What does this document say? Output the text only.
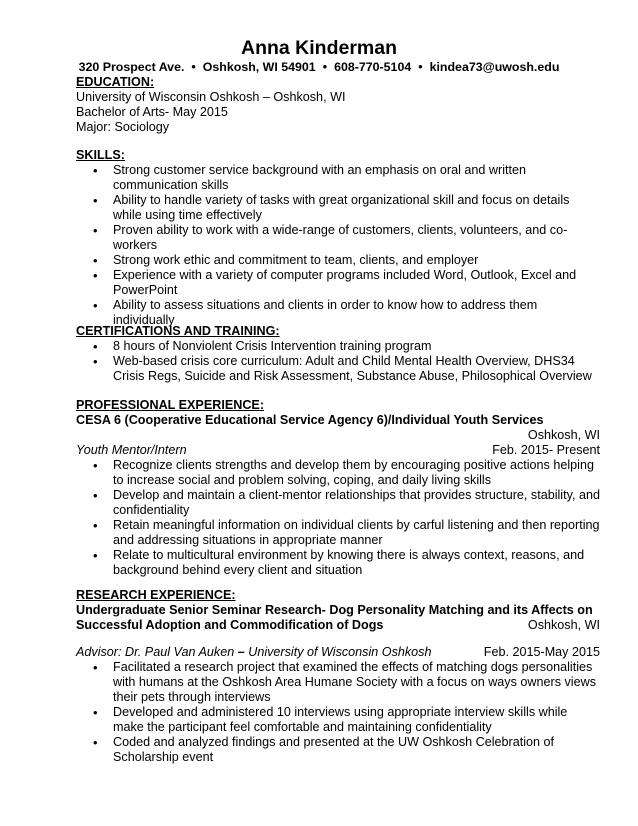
Anna Kinderman
320 Prospect Ave. • Oshkosh, WI 54901 • 608-770-5104 • kindea73@uwosh.edu
EDUCATION:
University of Wisconsin Oshkosh – Oshkosh, WI
Bachelor of Arts- May 2015
Major: Sociology
SKILLS:
• Strong customer service background with an emphasis on oral and written communication skills
• Ability to handle variety of tasks with great organizational skill and focus on details while using time effectively
• Proven ability to work with a wide-range of customers, clients, volunteers, and co-workers
• Strong work ethic and commitment to team, clients, and employer
• Experience with a variety of computer programs included Word, Outlook, Excel and PowerPoint
• Ability to assess situations and clients in order to know how to address them individually
CERTIFICATIONS AND TRAINING:
• 8 hours of Nonviolent Crisis Intervention training program
• Web-based crisis core curriculum: Adult and Child Mental Health Overview, DHS34 Crisis Regs, Suicide and Risk Assessment, Substance Abuse, Philosophical Overview
PROFESSIONAL EXPERIENCE:
CESA 6 (Cooperative Educational Service Agency 6)/Individual Youth Services
Oshkosh, WI
Youth Mentor/Intern	Feb. 2015- Present
• Recognize clients strengths and develop them by encouraging positive actions helping to increase social and problem solving, coping, and daily living skills
• Develop and maintain a client-mentor relationships that provides structure, stability, and confidentiality
• Retain meaningful information on individual clients by carful listening and then reporting and addressing situations in appropriate manner
• Relate to multicultural environment by knowing there is always context, reasons, and background behind every client and situation
RESEARCH EXPERIENCE:
Undergraduate Senior Seminar Research- Dog Personality Matching and its Affects on
Successful Adoption and Commodification of Dogs	Oshkosh, WI
Advisor: Dr. Paul Van Auken – University of Wisconsin Oshkosh	Feb. 2015-May 2015
• Facilitated a research project that examined the effects of matching dogs personalities with humans at the Oshkosh Area Humane Society with a focus on ways owners views their pets through interviews
• Developed and administered 10 interviews using appropriate interview skills while make the participant feel comfortable and maintaining confidentiality
• Coded and analyzed findings and presented at the UW Oshkosh Celebration of Scholarship event
